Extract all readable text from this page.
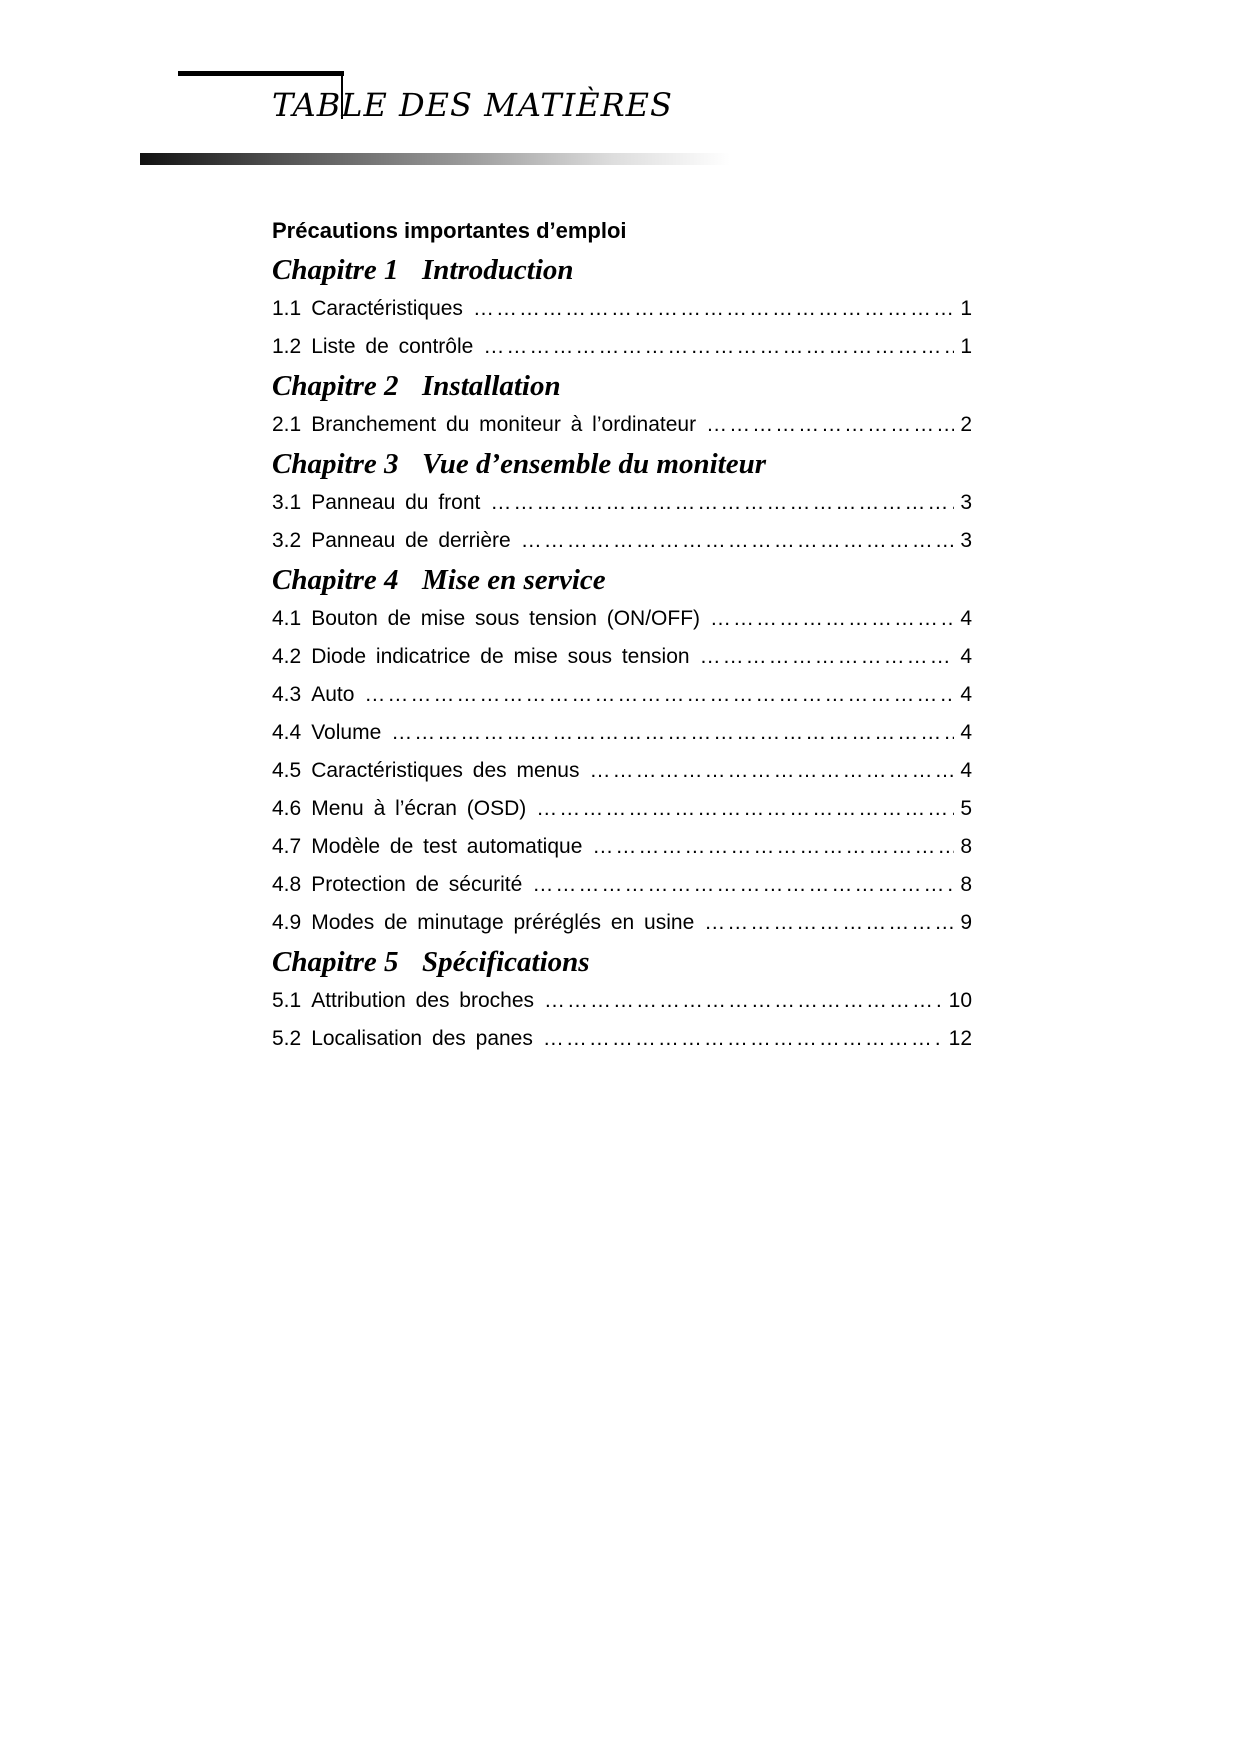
TABLE DES MATIÈRES
Précautions importantes d’emploi
Chapitre 1 Introduction
1.1 Caractéristiques ……………………………………………………………………………………………………………………	1
1.2 Liste de contrôle ……………………………………………………………………………………………………………………	1
Chapitre 2 Installation
2.1 Branchement du moniteur à l’ordinateur ……………………………………………………………………………………………………………………	2
Chapitre 3 Vue d’ensemble du moniteur
3.1 Panneau du front ……………………………………………………………………………………………………………………	3
3.2 Panneau de derrière ……………………………………………………………………………………………………………………	3
Chapitre 4 Mise en service
4.1 Bouton de mise sous tension (ON/OFF) ……………………………………………………………………………………………………………………	4
4.2 Diode indicatrice de mise sous tension ……………………………………………………………………………………………………………………	4
4.3 Auto ……………………………………………………………………………………………………………………	4
4.4 Volume ……………………………………………………………………………………………………………………	4
4.5 Caractéristiques des menus ……………………………………………………………………………………………………………………	4
4.6 Menu à l’écran (OSD) ……………………………………………………………………………………………………………………	5
4.7 Modèle de test automatique ……………………………………………………………………………………………………………………	8
4.8 Protection de sécurité ……………………………………………………………………………………………………………………	8
4.9 Modes de minutage préréglés en usine ……………………………………………………………………………………………………………………	9
Chapitre 5 Spécifications
5.1 Attribution des broches ……………………………………………………………………………………………………………………	10
5.2 Localisation des panes ……………………………………………………………………………………………………………………	12
